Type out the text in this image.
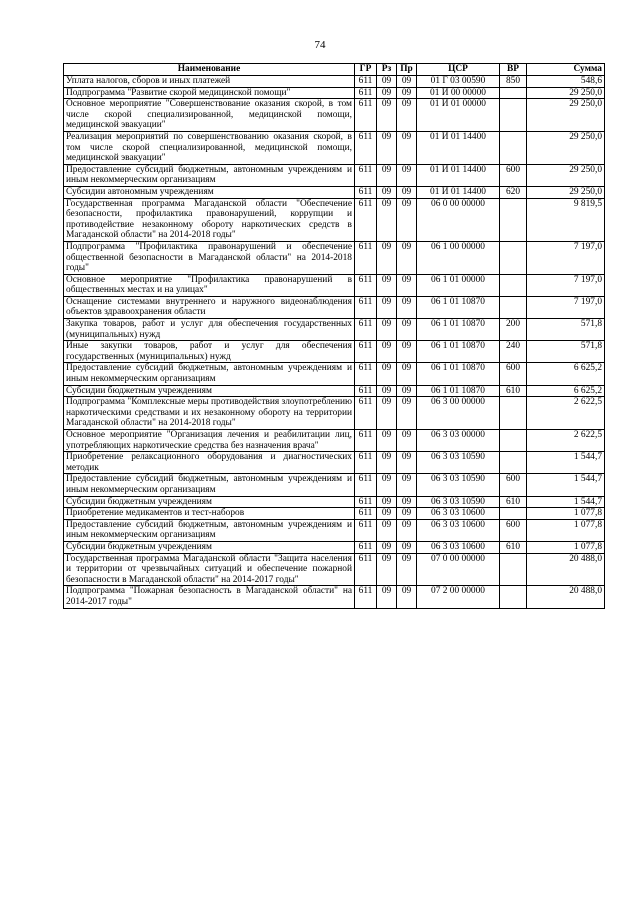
74
Наименование	ГР	Рз	Пр	ЦСР	ВР	Сумма
Уплата налогов, сборов и иных платежей	611	09	09	01 Г 03 00590	850	548,6
Подпрограмма "Развитие скорой медицинской помощи"	611	09	09	01 И 00 00000		29 250,0
Основное мероприятие "Совершенствование оказания скорой, в том числе скорой специализированной, медицинской помощи, медицинской эвакуации"	611	09	09	01 И 01 00000		29 250,0
Реализация мероприятий по совершенствованию оказания скорой, в том числе скорой специализированной, медицинской помощи, медицинской эвакуации"	611	09	09	01 И 01 14400		29 250,0
Предоставление субсидий бюджетным, автономным учреждениям и иным некоммерческим организациям	611	09	09	01 И 01 14400	600	29 250,0
Субсидии автономным учреждениям	611	09	09	01 И 01 14400	620	29 250,0
Государственная программа Магаданской области "Обеспечение безопасности, профилактика правонарушений, коррупции и противодействие незаконному обороту наркотических средств в Магаданской области" на 2014-2018 годы"	611	09	09	06 0 00 00000		9 819,5
Подпрограмма "Профилактика правонарушений и обеспечение общественной безопасности в Магаданской области" на 2014-2018 годы"	611	09	09	06 1 00 00000		7 197,0
Основное мероприятие "Профилактика правонарушений в общественных местах и на улицах"	611	09	09	06 1 01 00000		7 197,0
Оснащение системами внутреннего и наружного видеонаблюдения объектов здравоохранения области	611	09	09	06 1 01 10870		7 197,0
Закупка товаров, работ и услуг для обеспечения государственных (муниципальных) нужд	611	09	09	06 1 01 10870	200	571,8
Иные закупки товаров, работ и услуг для обеспечения государственных (муниципальных) нужд	611	09	09	06 1 01 10870	240	571,8
Предоставление субсидий бюджетным, автономным учреждениям и иным некоммерческим организациям	611	09	09	06 1 01 10870	600	6 625,2
Субсидии бюджетным учреждениям	611	09	09	06 1 01 10870	610	6 625,2
Подпрограмма "Комплексные меры противодействия злоупотреблению наркотическими средствами и их незаконному обороту на территории Магаданской области" на 2014-2018 годы"	611	09	09	06 3 00 00000		2 622,5
Основное мероприятие "Организация лечения и реабилитации лиц, употребляющих наркотические средства без назначения врача"	611	09	09	06 3 03 00000		2 622,5
Приобретение релаксационного оборудования и диагностических методик	611	09	09	06 3 03 10590		1 544,7
Предоставление субсидий бюджетным, автономным учреждениям и иным некоммерческим организациям	611	09	09	06 3 03 10590	600	1 544,7
Субсидии бюджетным учреждениям	611	09	09	06 3 03 10590	610	1 544,7
Приобретение медикаментов и тест-наборов	611	09	09	06 3 03 10600		1 077,8
Предоставление субсидий бюджетным, автономным учреждениям и иным некоммерческим организациям	611	09	09	06 3 03 10600	600	1 077,8
Субсидии бюджетным учреждениям	611	09	09	06 3 03 10600	610	1 077,8
Государственная программа Магаданской области "Защита населения и территории от чрезвычайных ситуаций и обеспечение пожарной безопасности в Магаданской области" на 2014-2017 годы"	611	09	09	07 0 00 00000		20 488,0
Подпрограмма "Пожарная безопасность в Магаданской области" на 2014-2017 годы"	611	09	09	07 2 00 00000		20 488,0
